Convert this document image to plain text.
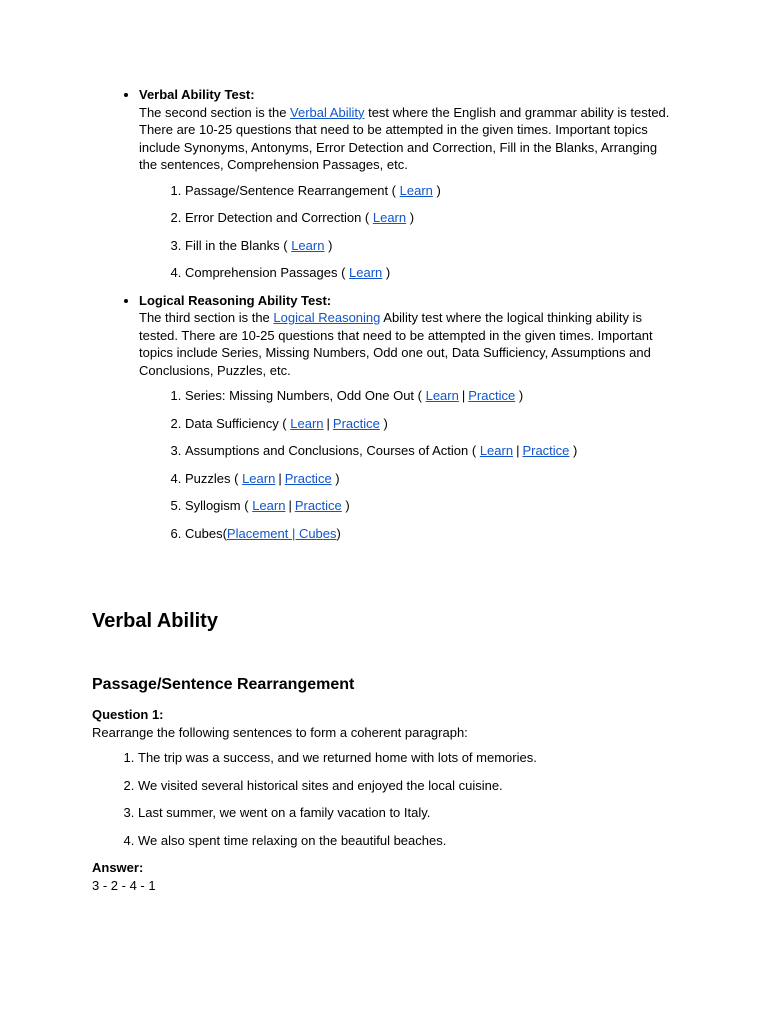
• Verbal Ability Test:
The second section is the Verbal Ability test where the English and grammar ability is tested. There are 10-25 questions that need to be attempted in the given times. Important topics include Synonyms, Antonyms, Error Detection and Correction, Fill in the Blanks, Arranging the sentences, Comprehension Passages, etc.
1. Passage/Sentence Rearrangement ( Learn )
2. Error Detection and Correction ( Learn )
3. Fill in the Blanks ( Learn )
4. Comprehension Passages ( Learn )
• Logical Reasoning Ability Test:
The third section is the Logical Reasoning Ability test where the logical thinking ability is tested. There are 10-25 questions that need to be attempted in the given times. Important topics include Series, Missing Numbers, Odd one out, Data Sufficiency, Assumptions and Conclusions, Puzzles, etc.
1. Series: Missing Numbers, Odd One Out ( Learn | Practice )
2. Data Sufficiency ( Learn | Practice )
3. Assumptions and Conclusions, Courses of Action ( Learn | Practice )
4. Puzzles ( Learn | Practice )
5. Syllogism ( Learn | Practice )
6. Cubes(Placement | Cubes)
Verbal Ability
Passage/Sentence Rearrangement
Question 1:
Rearrange the following sentences to form a coherent paragraph:
1. The trip was a success, and we returned home with lots of memories.
2. We visited several historical sites and enjoyed the local cuisine.
3. Last summer, we went on a family vacation to Italy.
4. We also spent time relaxing on the beautiful beaches.
Answer:
3 - 2 - 4 - 1
